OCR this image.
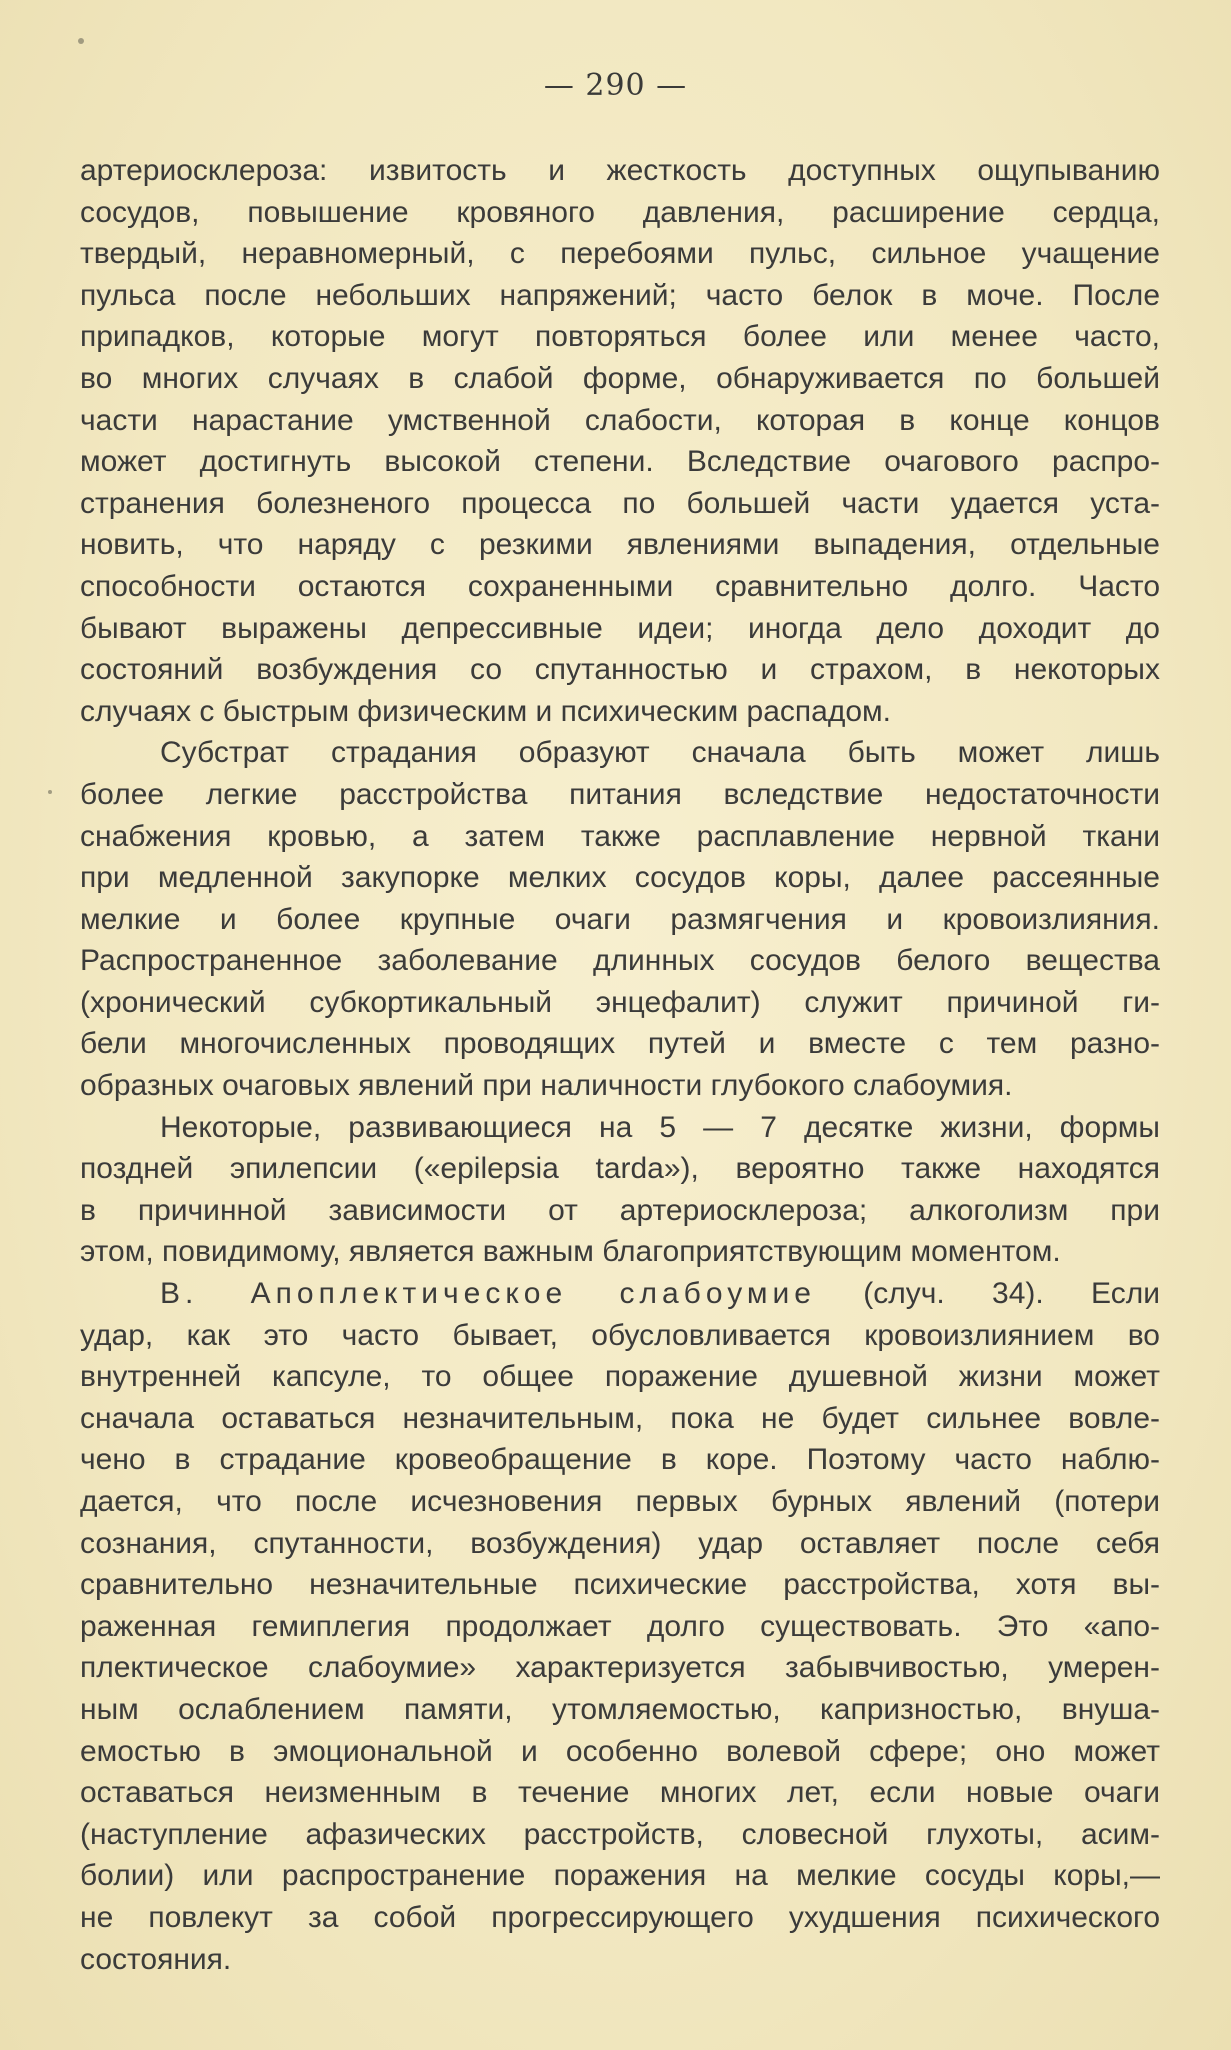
— 290 —
артериосклероза: извитость и жесткость доступных ощупыванию
сосудов, повышение кровяного давления, расширение сердца,
твердый, неравномерный, с перебоями пульс, сильное учащение
пульса после небольших напряжений; часто белок в моче. После
припадков, которые могут повторяться более или менее часто,
во многих случаях в слабой форме, обнаруживается по большей
части нарастание умственной слабости, которая в конце концов
может достигнуть высокой степени. Вследствие очагового распро-
странения болезненого процесса по большей части удается уста-
новить, что наряду с резкими явлениями выпадения, отдельные
способности остаются сохраненными сравнительно долго. Часто
бывают выражены депрессивные идеи; иногда дело доходит до
состояний возбуждения со спутанностью и страхом, в некоторых
случаях с быстрым физическим и психическим распадом.
Субстрат страдания образуют сначала быть может лишь
более легкие расстройства питания вследствие недостаточности
снабжения кровью, а затем также расплавление нервной ткани
при медленной закупорке мелких сосудов коры, далее рассеянные
мелкие и более крупные очаги размягчения и кровоизлияния.
Распространенное заболевание длинных сосудов белого вещества
(хронический субкортикальный энцефалит) служит причиной ги-
бели многочисленных проводящих путей и вместе с тем разно-
образных очаговых явлений при наличности глубокого слабоумия.
Некоторые, развивающиеся на 5 — 7 десятке жизни, формы
поздней эпилепсии («epilepsia tarda»), вероятно также находятся
в причинной зависимости от артериосклероза; алкоголизм при
этом, повидимому, является важным благоприятствующим моментом.
В. Апоплектическое слабоумие (случ. 34). Если
удар, как это часто бывает, обусловливается кровоизлиянием во
внутренней капсуле, то общее поражение душевной жизни может
сначала оставаться незначительным, пока не будет сильнее вовле-
чено в страдание кровеобращение в коре. Поэтому часто наблю-
дается, что после исчезновения первых бурных явлений (потери
сознания, спутанности, возбуждения) удар оставляет после себя
сравнительно незначительные психические расстройства, хотя вы-
раженная гемиплегия продолжает долго существовать. Это «апо-
плектическое слабоумие» характеризуется забывчивостью, умерен-
ным ослаблением памяти, утомляемостью, капризностью, внуша-
емостью в эмоциональной и особенно волевой сфере; оно может
оставаться неизменным в течение многих лет, если новые очаги
(наступление афазических расстройств, словесной глухоты, асим-
болии) или распространение поражения на мелкие сосуды коры,—
не повлекут за собой прогрессирующего ухудшения психического
состояния.
